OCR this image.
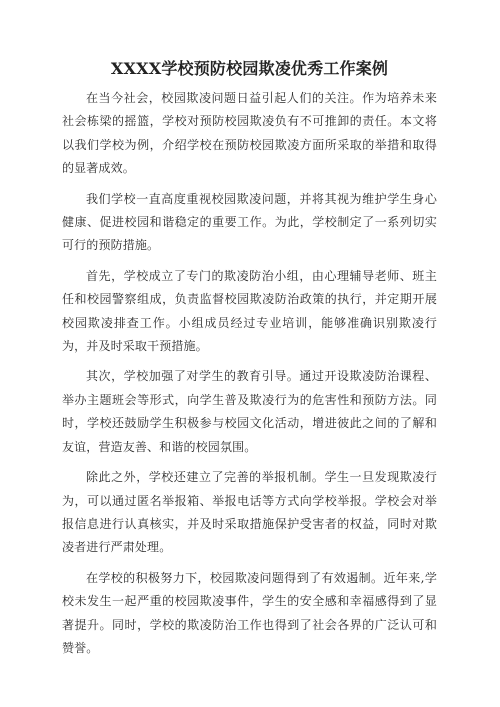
XXXX学校预防校园欺凌优秀工作案例

在当今社会，校园欺凌问题日益引起人们的关注。作为培养未来社会栋梁的摇篮，学校对预防校园欺凌负有不可推卸的责任。本文将以我们学校为例，介绍学校在预防校园欺凌方面所采取的举措和取得的显著成效。

我们学校一直高度重视校园欺凌问题，并将其视为维护学生身心健康、促进校园和谐稳定的重要工作。为此，学校制定了一系列切实可行的预防措施。

首先，学校成立了专门的欺凌防治小组，由心理辅导老师、班主任和校园警察组成，负责监督校园欺凌防治政策的执行，并定期开展校园欺凌排查工作。小组成员经过专业培训，能够准确识别欺凌行为，并及时采取干预措施。

其次，学校加强了对学生的教育引导。通过开设欺凌防治课程、举办主题班会等形式，向学生普及欺凌行为的危害性和预防方法。同时，学校还鼓励学生积极参与校园文化活动，增进彼此之间的了解和友谊，营造友善、和谐的校园氛围。

除此之外，学校还建立了完善的举报机制。学生一旦发现欺凌行为，可以通过匿名举报箱、举报电话等方式向学校举报。学校会对举报信息进行认真核实，并及时采取措施保护受害者的权益，同时对欺凌者进行严肃处理。

在学校的积极努力下，校园欺凌问题得到了有效遏制。近年来,学校未发生一起严重的校园欺凌事件，学生的安全感和幸福感得到了显著提升。同时，学校的欺凌防治工作也得到了社会各界的广泛认可和赞誉。
